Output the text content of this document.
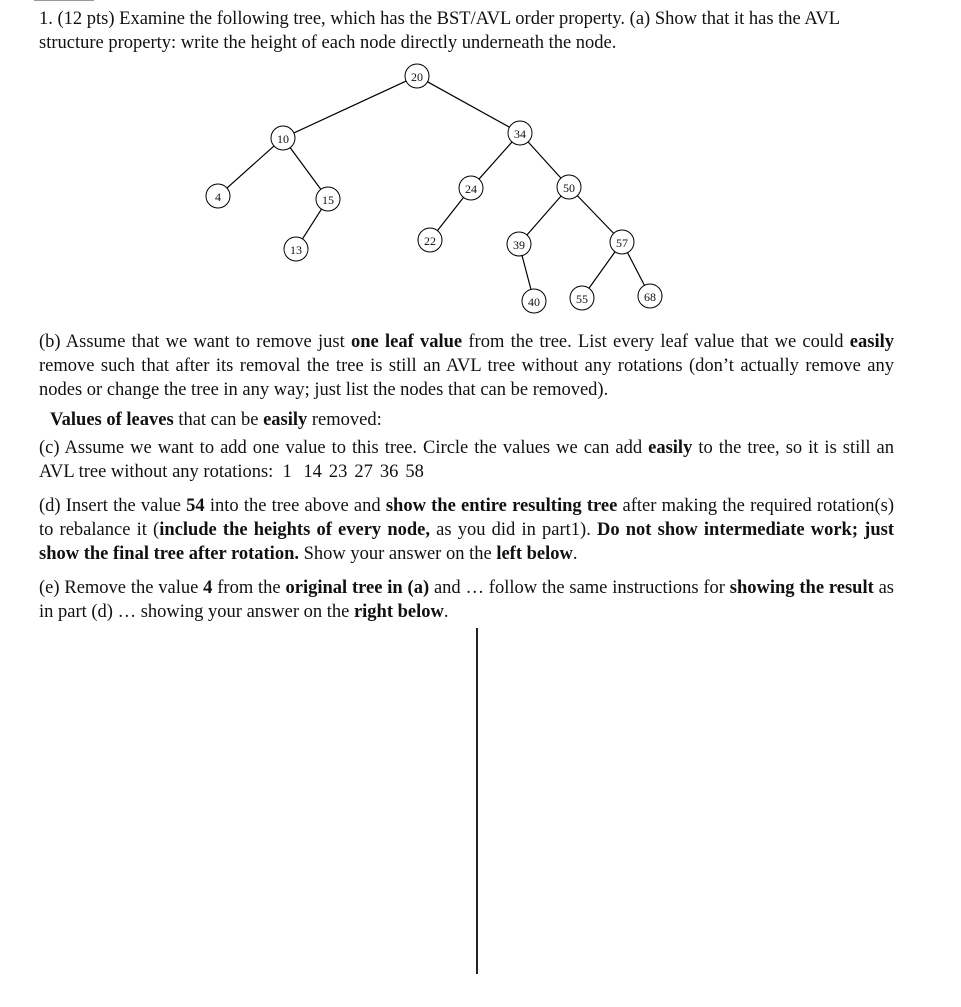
1. (12 pts) Examine the following tree, which has the BST/AVL order property. (a) Show that it has the AVL structure property: write the height of each node directly underneath the node.

20
10	34
4	15
24	50
13
22	39	57
40	55	68

(b) Assume that we want to remove just one leaf value from the tree. List every leaf value that we could easily remove such that after its removal the tree is still an AVL tree without any rotations (don’t actually remove any nodes or change the tree in any way; just list the nodes that can be removed).

Values of leaves that can be easily removed:

(c) Assume we want to add one value to this tree. Circle the values we can add easily to the tree, so it is still an AVL tree without any rotations: 1 14 23 27 36 58

(d) Insert the value 54 into the tree above and show the entire resulting tree after making the required rotation(s) to rebalance it (include the heights of every node, as you did in part1). Do not show intermediate work; just show the final tree after rotation. Show your answer on the left below.

(e) Remove the value 4 from the original tree in (a) and … follow the same instructions for showing the result as in part (d) … showing your answer on the right below.
